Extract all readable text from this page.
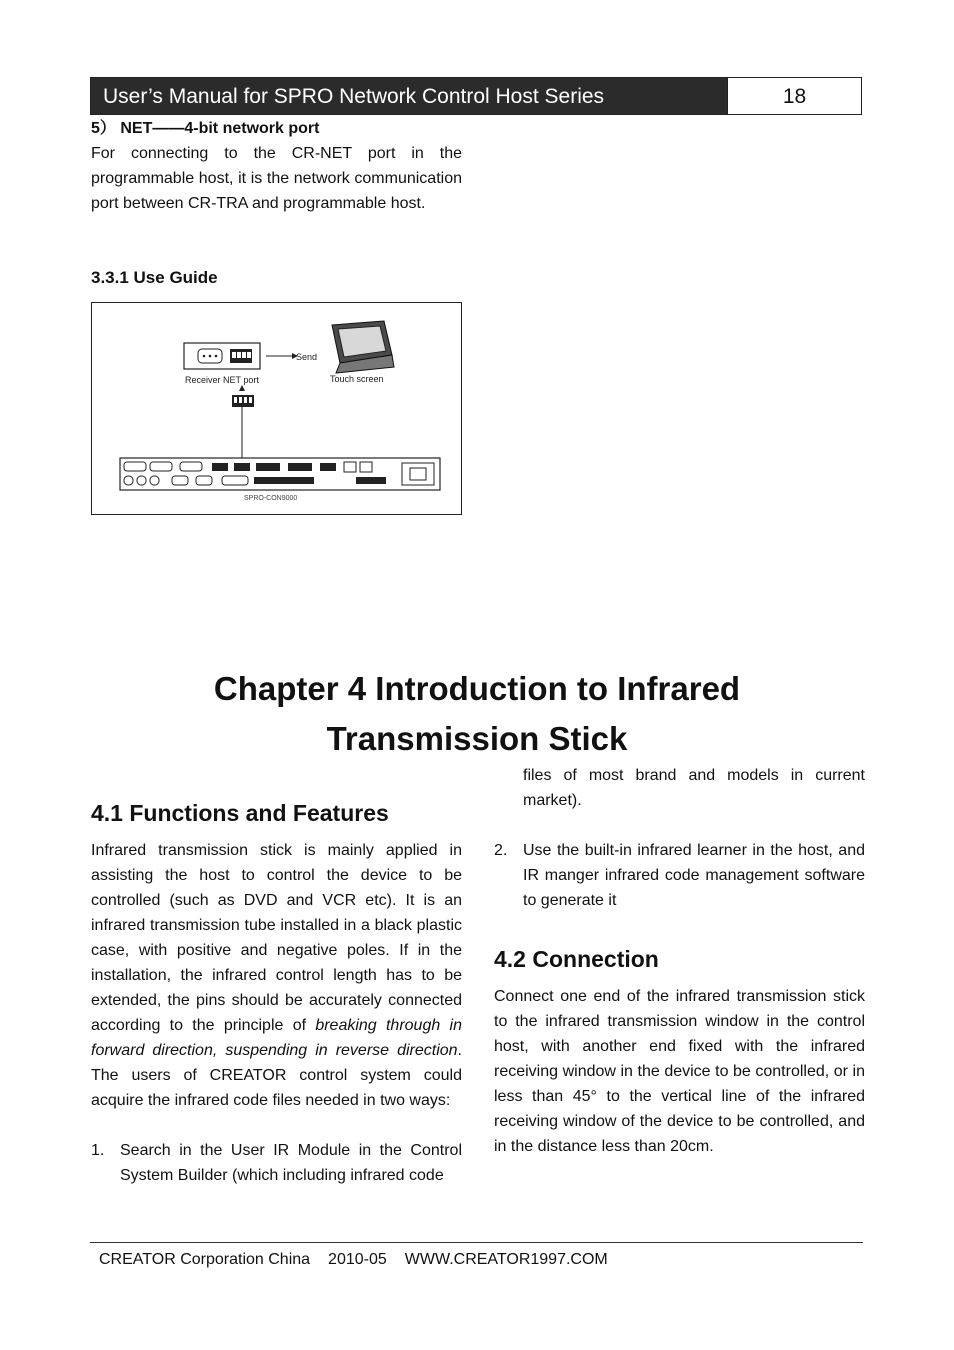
User’s Manual for SPRO Network Control Host Series	18
5） NET——4-bit network port

For connecting to the CR-NET port in the programmable host, it is the network communication port between CR-TRA and programmable host.

3.3.1 Use Guide
Send
Receiver NET port	Touch screen
SPRO-CON9000
Chapter 4 Introduction to Infrared
Transmission Stick
4.1 Functions and Features

Infrared transmission stick is mainly applied in assisting the host to control the device to be controlled (such as DVD and VCR etc). It is an infrared transmission tube installed in a black plastic case, with positive and negative poles. If in the installation, the infrared control length has to be extended, the pins should be accurately connected according to the principle of breaking through in forward direction, suspending in reverse direction. The users of CREATOR control system could acquire the infrared code files needed in two ways:

1. Search in the User IR Module in the Control System Builder (which including infrared code
files of most brand and models in current market).
2. Use the built-in infrared learner in the host, and IR manger infrared code management software to generate it
4.2 Connection

Connect one end of the infrared transmission stick to the infrared transmission window in the control host, with another end fixed with the infrared receiving window in the device to be controlled, or in less than 45° to the vertical line of the infrared receiving window of the device to be controlled, and in the distance less than 20cm.

CREATOR Corporation China 2010-05 WWW.CREATOR1997.COM
